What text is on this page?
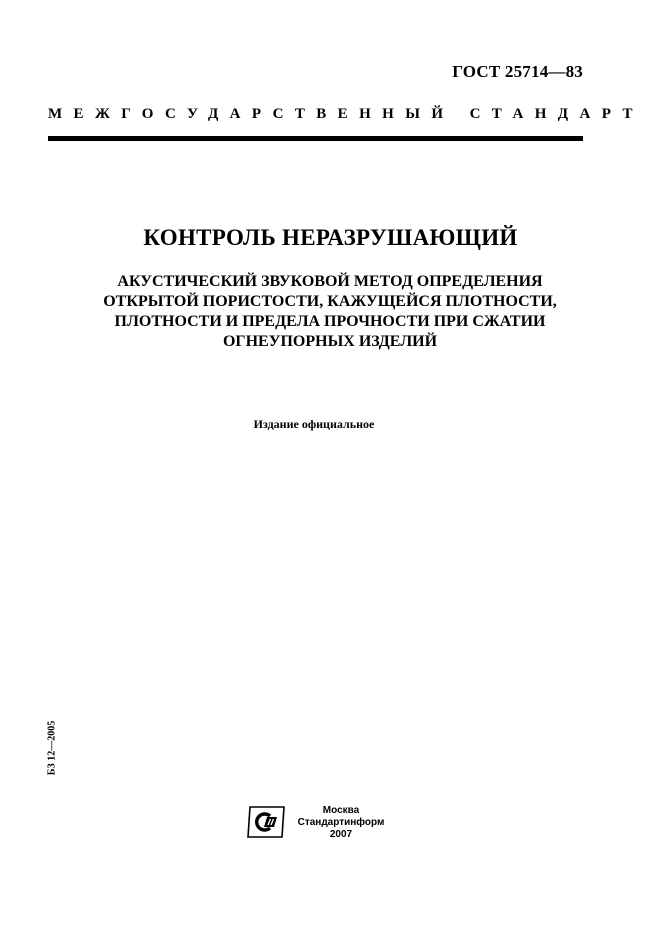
ГОСТ 25714—83
МЕЖГОСУДАРСТВЕННЫЙ СТАНДАРТ
КОНТРОЛЬ НЕРАЗРУШАЮЩИЙ
АКУСТИЧЕСКИЙ ЗВУКОВОЙ МЕТОД ОПРЕДЕЛЕНИЯ
ОТКРЫТОЙ ПОРИСТОСТИ, КАЖУЩЕЙСЯ ПЛОТНОСТИ,
ПЛОТНОСТИ И ПРЕДЕЛА ПРОЧНОСТИ ПРИ СЖАТИИ
ОГНЕУПОРНЫХ ИЗДЕЛИЙ
Издание официальное
БЗ 12—2005
Москва
Стандартинформ
2007
